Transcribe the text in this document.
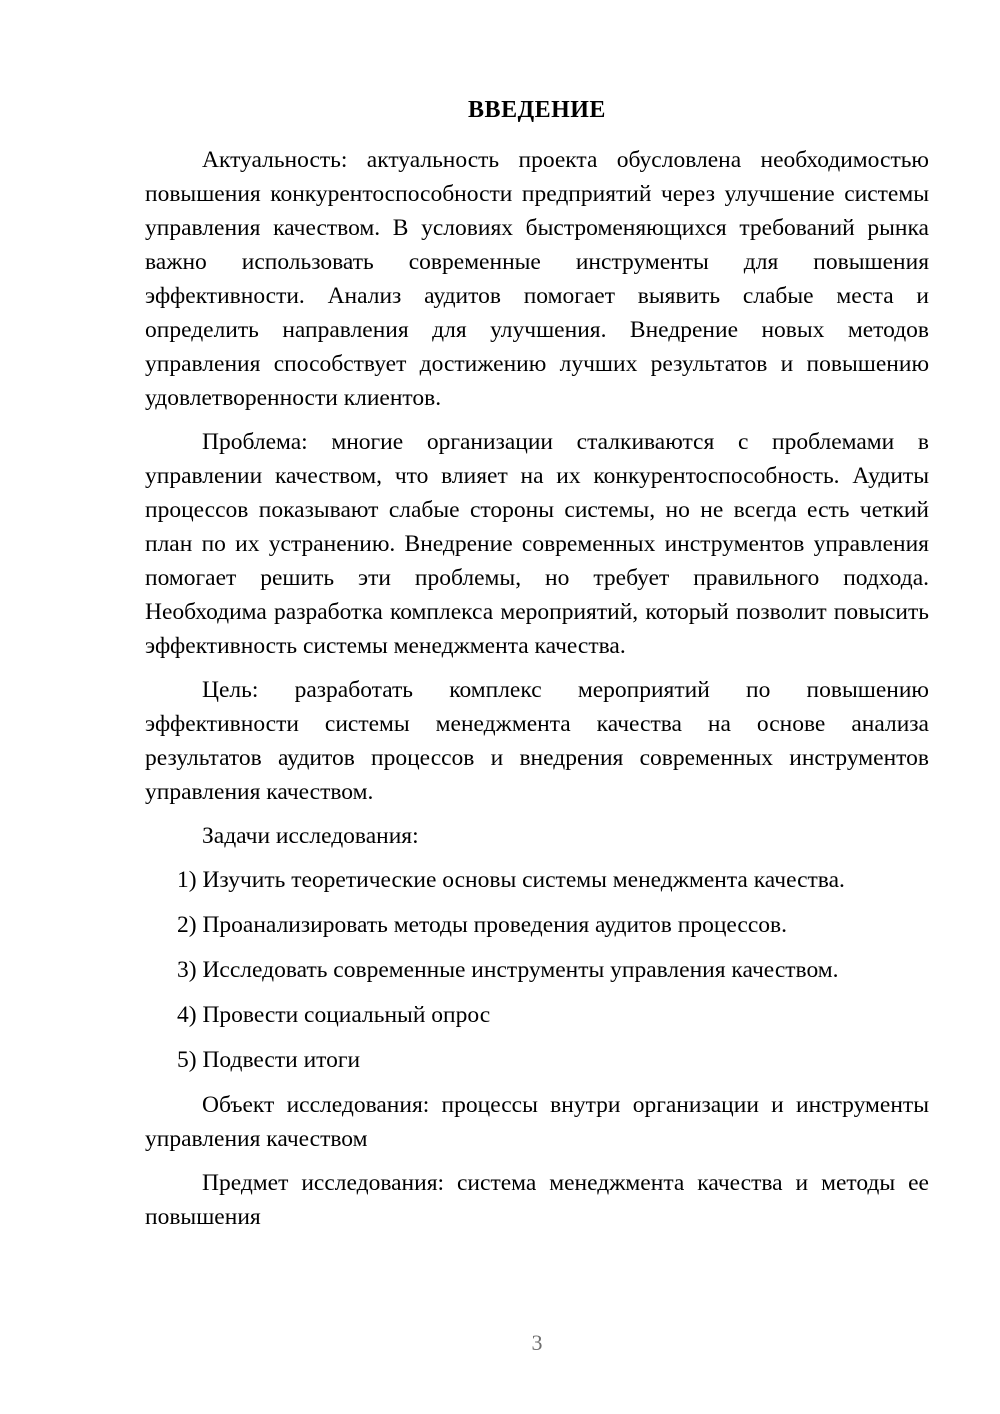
ВВЕДЕНИЕ

Актуальность: актуальность проекта обусловлена необходимостью повышения конкурентоспособности предприятий через улучшение системы управления качеством. В условиях быстроменяющихся требований рынка важно использовать современные инструменты для повышения эффективности. Анализ аудитов помогает выявить слабые места и определить направления для улучшения. Внедрение новых методов управления способствует достижению лучших результатов и повышению удовлетворенности клиентов.

Проблема: многие организации сталкиваются с проблемами в управлении качеством, что влияет на их конкурентоспособность. Аудиты процессов показывают слабые стороны системы, но не всегда есть четкий план по их устранению. Внедрение современных инструментов управления помогает решить эти проблемы, но требует правильного подхода. Необходима разработка комплекса мероприятий, который позволит повысить эффективность системы менеджмента качества.

Цель: разработать комплекс мероприятий по повышению эффективности системы менеджмента качества на основе анализа результатов аудитов процессов и внедрения современных инструментов управления качеством.

Задачи исследования:

1) Изучить теоретические основы системы менеджмента качества.
2) Проанализировать методы проведения аудитов процессов.
3) Исследовать современные инструменты управления качеством.
4) Провести социальный опрос
5) Подвести итоги

Объект исследования: процессы внутри организации и инструменты управления качеством

Предмет исследования: система менеджмента качества и методы ее повышения

3
